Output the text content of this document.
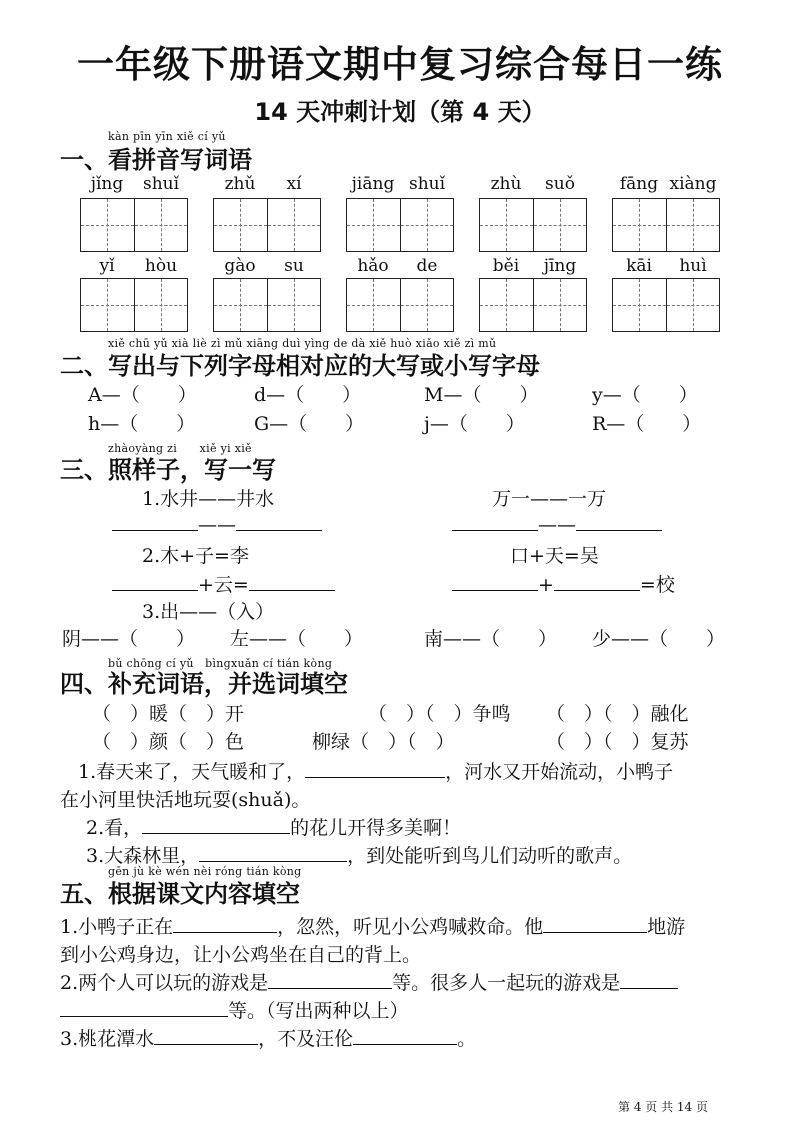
一年级下册语文期中复习综合每日一练
14 天冲刺计划（第 4 天）
kàn pīn yīn xiě cí yǔ
一、看拼音写词语
jǐng	shuǐ	zhǔ	xí	jiāng shuǐ	zhù	suǒ	fāng xiàng
yǐ	hòu	gào	su	hǎo	de	běi	jīng	kāi	huì
xiě chū yǔ xià liè zì mǔ xiāng duì yìng de dà xiě huò xiǎo xiě zì mǔ
二、写出与下列字母相对应的大写或小写字母
A—（　　）	d—（　　）	M—（　　）	y—（　　）
h—（　　）	G—（　　）	j—（　　）	R—（　　）
zhàoyàng zi　　xiě yi xiě
三、照样子，写一写
1.水井——井水	万一——一万
——	——
2.木+子=李	口+天=吴
+云=	+	=校
3.出——（入）
阴——（　　） 左——（　　）	南——（　　） 少——（　　）
bǔ chōng cí yǔ　bìngxuǎn cí tián kòng
四、补充词语，并选词填空
（　）暖（　）开	（　）（　）争鸣 （　）（　）融化
（　）颜（　）色	柳绿（　）（　）	（　）（　）复苏
1.春天来了，天气暖和了，	，河水又开始流动，小鸭子
在小河里快活地玩耍(shuǎ)。
2.看，	的花儿开得多美啊！
3.大森林里，	，到处能听到鸟儿们动听的歌声。
gēn jù kè wén nèi róng tián kòng
五、根据课文内容填空
1.小鸭子正在	，忽然，听见小公鸡喊救命。他	地游
到小公鸡身边，让小公鸡坐在自己的背上。
2.两个人可以玩的游戏是	等。很多人一起玩的游戏是
等。（写出两种以上）
3.桃花潭水	，不及汪伦	。
第 4 页 共 14 页
